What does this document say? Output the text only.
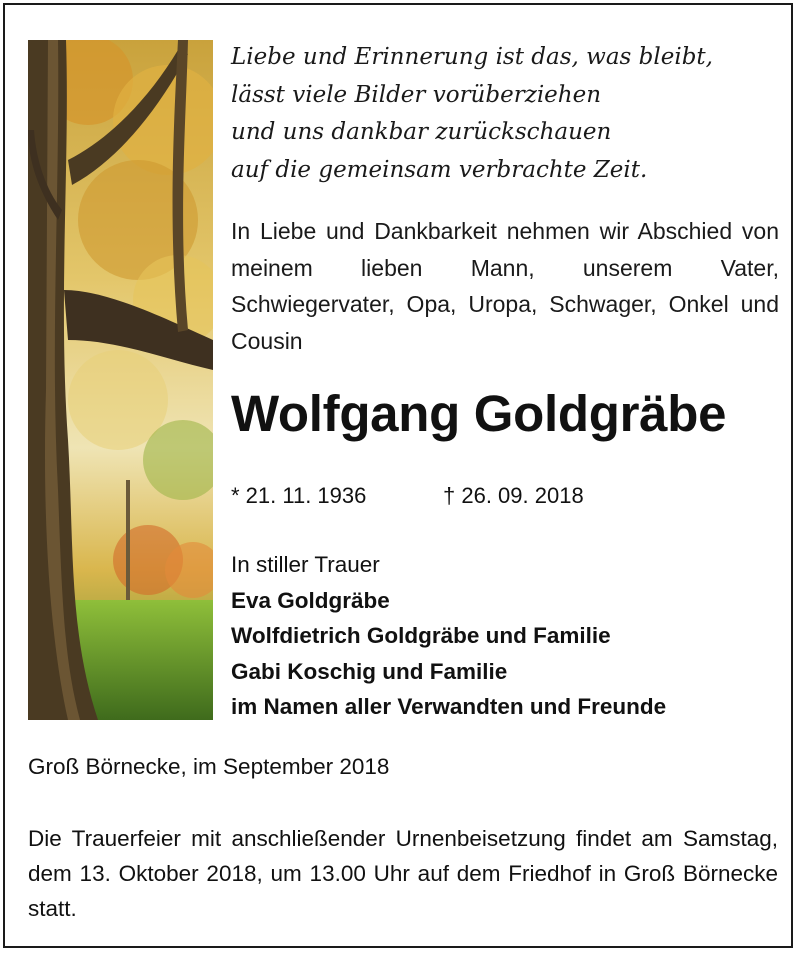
Liebe und Erinnerung ist das, was bleibt,
lässt viele Bilder vorüberziehen
und uns dankbar zurückschauen
auf die gemeinsam verbrachte Zeit.
In Liebe und Dankbarkeit nehmen wir Abschied von meinem lieben Mann, unserem Vater, Schwiegervater, Opa, Uropa, Schwager, Onkel und Cousin
Wolfgang Goldgräbe
* 21. 11. 1936	† 26. 09. 2018
In stiller Trauer
Eva Goldgräbe
Wolfdietrich Goldgräbe und Familie
Gabi Koschig und Familie
im Namen aller Verwandten und Freunde
Groß Börnecke, im September 2018
Die Trauerfeier mit anschließender Urnenbeisetzung findet am Samstag, dem 13. Oktober 2018, um 13.00 Uhr auf dem Friedhof in Groß Börnecke statt.
